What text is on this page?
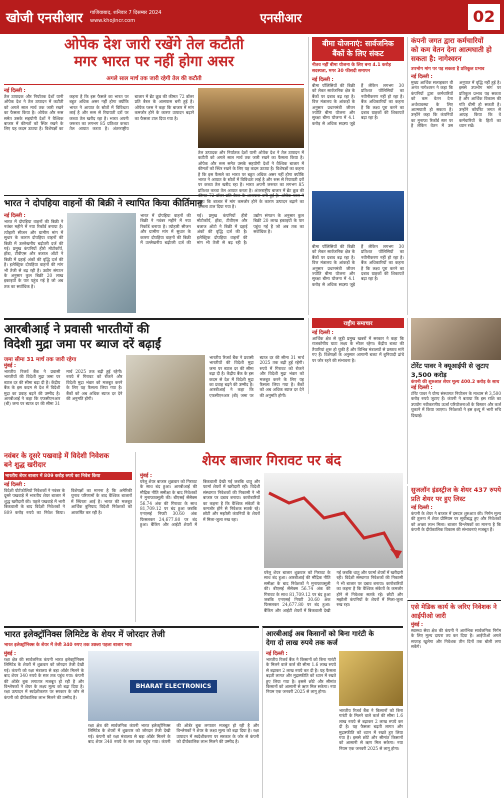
खोजी एनसीआर	गाजियाबाद, शनिवार 7 दिसम्बर 2024
www.khojincr.com	एनसीआर	02
ओपेक देश जारी रखेंगे तेल कटौती
मगर भारत पर नहीं होगा असर
अगले साल मार्च तक जारी रहेगी तेल की कटौती
नई दिल्ली :
तेल उत्पादक और निर्यातक देशों यानी ओपेक देश ने तेल उत्पादन में कटौती को अगले साल मार्च तक जारी रखने का फैसला किया है। ओपेक और रूस समेत उसके सहयोगी देशों ने वैश्विक बाजार में कीमतों को स्थिर रखने के लिए यह कदम उठाया है। विशेषज्ञों का कहना है कि इस फैसले का भारत पर बहुत अधिक असर नहीं होगा क्योंकि भारत ने आयात के स्रोतों में विविधता लाई है और रूस से रियायती दरों पर कच्चा तेल खरीद रहा है। भारत अपनी जरूरत का लगभग 85 प्रतिशत कच्चा तेल आयात करता है। अंतरराष्ट्रीय बाजार में ब्रेंट क्रूड की कीमत 72 डॉलर प्रति बैरल के आसपास बनी हुई है। ओपेक प्लस ने कहा कि बाजार में मांग कमजोर होने के कारण उत्पादन बढ़ाने का फैसला टाल दिया गया है।
तेल उत्पादक और निर्यातक देशों यानी ओपेक देश ने तेल उत्पादन में कटौती को अगले साल मार्च तक जारी रखने का फैसला किया है। ओपेक और रूस समेत उसके सहयोगी देशों ने वैश्विक बाजार में कीमतों को स्थिर रखने के लिए यह कदम उठाया है। विशेषज्ञों का कहना है कि इस फैसले का भारत पर बहुत अधिक असर नहीं होगा क्योंकि भारत ने आयात के स्रोतों में विविधता लाई है और रूस से रियायती दरों पर कच्चा तेल खरीद रहा है। भारत अपनी जरूरत का लगभग 85 प्रतिशत कच्चा तेल आयात करता है। अंतरराष्ट्रीय बाजार में ब्रेंट क्रूड की कीमत 72 डॉलर प्रति बैरल के आसपास बनी हुई है। ओपेक प्लस ने कहा कि बाजार में मांग कमजोर होने के कारण उत्पादन बढ़ाने का फैसला टाल दिया गया है।
भारत ने दोपहिया वाहनों की बिक्री ने स्थापित किया कीर्तिमान
नई दिल्ली :
भारत में दोपहिया वाहनों की बिक्री ने नवंबर महीने में नया रिकॉर्ड बनाया है। त्योहारी सीजन और ग्रामीण मांग में सुधार के कारण दोपहिया वाहनों की बिक्री में उल्लेखनीय बढ़ोतरी दर्ज की गई। प्रमुख कंपनियों हीरो मोटोकॉर्प, होंडा, टीवीएस और बजाज ऑटो ने बिक्री में दहाई अंकों की वृद्धि दर्ज की है। इलेक्ट्रिक दोपहिया वाहनों की मांग भी तेजी से बढ़ रही है। उद्योग संगठन के अनुसार कुल बिक्री 20 लाख इकाइयों के पार पहुंच गई है जो अब तक का सर्वाधिक है।
भारत में दोपहिया वाहनों की बिक्री ने नवंबर महीने में नया रिकॉर्ड बनाया है। त्योहारी सीजन और ग्रामीण मांग में सुधार के कारण दोपहिया वाहनों की बिक्री में उल्लेखनीय बढ़ोतरी दर्ज की गई। प्रमुख कंपनियों हीरो मोटोकॉर्प, होंडा, टीवीएस और बजाज ऑटो ने बिक्री में दहाई अंकों की वृद्धि दर्ज की है। इलेक्ट्रिक दोपहिया वाहनों की मांग भी तेजी से बढ़ रही है। उद्योग संगठन के अनुसार कुल बिक्री 20 लाख इकाइयों के पार पहुंच गई है जो अब तक का सर्वाधिक है।
बीमा योजनाएं: सार्वजनिक
बैंकों के लिए संकट
नीतव नहीं बीमा योजना के लिए बना 4.1 करोड़ सदस्यता, मगर 30 फीसदी समापन
नई दिल्ली :
बीमा पॉलिसियों की बिक्री को लेकर सार्वजनिक क्षेत्र के बैंकों पर दबाव बढ़ रहा है। वित्त मंत्रालय के आंकड़ों के अनुसार प्रधानमंत्री जीवन ज्योति बीमा योजना और सुरक्षा बीमा योजना में 4.1 करोड़ से अधिक सदस्य जुड़े हैं लेकिन लगभग 30 प्रतिशत पॉलिसियों का नवीनीकरण नहीं हो रहा है। बैंक अधिकारियों का कहना है कि लक्ष्य पूरा करने का दबाव ग्राहकों की शिकायतें बढ़ा रहा है।
बीमा पॉलिसियों की बिक्री को लेकर सार्वजनिक क्षेत्र के बैंकों पर दबाव बढ़ रहा है। वित्त मंत्रालय के आंकड़ों के अनुसार प्रधानमंत्री जीवन ज्योति बीमा योजना और सुरक्षा बीमा योजना में 4.1 करोड़ से अधिक सदस्य जुड़े हैं लेकिन लगभग 30 प्रतिशत पॉलिसियों का नवीनीकरण नहीं हो रहा है। बैंक अधिकारियों का कहना है कि लक्ष्य पूरा करने का दबाव ग्राहकों की शिकायतें बढ़ा रहा है।
कंपनी जगत द्वारा कर्मचारियों
को कम वेतन देना आत्मघाती हो
सकता है: नागेश्वरन
उपभोग मांग पर पड़ सकता है प्रतिकूल प्रभाव
नई दिल्ली :
मुख्य आर्थिक सलाहकार वी अनंत नागेश्वरन ने कहा कि कंपनियों द्वारा कर्मचारियों को कम वेतन देना अर्थव्यवस्था के लिए आत्मघाती हो सकता है। उन्होंने कहा कि कंपनियों का मुनाफा रिकॉर्ड स्तर पर है लेकिन वेतन में उस अनुपात में वृद्धि नहीं हुई है। इससे उपभोग मांग पर प्रतिकूल प्रभाव पड़ सकता है और आर्थिक विकास की गति धीमी हो सकती है। उन्होंने कॉर्पोरेट जगत से आग्रह किया कि वे कर्मचारियों के हितों का ध्यान रखें।
आरबीआई ने प्रवासी भारतीयों की
विदेशी मुद्रा जमा पर ब्याज दरें बढ़ाईं
जमा सीमा 31 मार्च तक जारी रहेगा
मुंबई :
भारतीय रिजर्व बैंक ने प्रवासी भारतीयों की विदेशी मुद्रा जमा पर ब्याज दर की सीमा बढ़ा दी है। केंद्रीय बैंक के इस कदम से देश में विदेशी मुद्रा का प्रवाह बढ़ने की उम्मीद है। आरबीआई ने कहा कि एफसीएनआर (बी) जमा पर ब्याज दर की सीमा 31 मार्च 2025 तक बढ़ी हुई रहेगी। रुपये में गिरावट को रोकने और विदेशी मुद्रा भंडार को मजबूत करने के लिए यह फैसला लिया गया है। बैंकों को अब अधिक ब्याज दर देने की अनुमति होगी।
भारतीय रिजर्व बैंक ने प्रवासी भारतीयों की विदेशी मुद्रा जमा पर ब्याज दर की सीमा बढ़ा दी है। केंद्रीय बैंक के इस कदम से देश में विदेशी मुद्रा का प्रवाह बढ़ने की उम्मीद है। आरबीआई ने कहा कि एफसीएनआर (बी) जमा पर ब्याज दर की सीमा 31 मार्च 2025 तक बढ़ी हुई रहेगी। रुपये में गिरावट को रोकने और विदेशी मुद्रा भंडार को मजबूत करने के लिए यह फैसला लिया गया है। बैंकों को अब अधिक ब्याज दर देने की अनुमति होगी।
राष्ट्रीय समाचार
नई दिल्ली :
आर्थिक क्षेत्र से जुड़ी प्रमुख खबरों में सरकार ने कहा कि राजकोषीय घाटा लक्ष्य के भीतर रहेगा। केंद्रीय बजट की तैयारियां शुरू हो चुकी हैं और विभिन्न मंत्रालयों से प्रस्ताव मांगे गए हैं। विशेषज्ञों के अनुसार आगामी बजट में बुनियादी ढांचे पर जोर रहने की संभावना है।
टोरेंट पावर ने क्यूआईपी से जुटाए 3,500 करोड़
कंपनी की शुरुआत शेयर मूल्य 400.2 करोड़ के साथ
नई दिल्ली :
टोरेंट पावर ने योग्य संस्थागत नियोजन के माध्यम से 3,500 करोड़ रुपये जुटाए हैं। कंपनी ने बताया कि इस राशि का उपयोग नवीकरणीय ऊर्जा परियोजनाओं के विस्तार और कर्ज चुकाने में किया जाएगा। निवेशकों ने इस इश्यू में भारी रुचि दिखाई।
शेयर बाजार गिरावट पर बंद
मुंबई :
घरेलू शेयर बाजार शुक्रवार को गिरावट के साथ बंद हुआ। आरबीआई की मौद्रिक नीति समीक्षा के बाद निवेशकों ने मुनाफावसूली की। बीएसई सेंसेक्स 56.74 अंक की गिरावट के साथ 81,709.12 पर बंद हुआ जबकि एनएसई निफ्टी 30.60 अंक फिसलकर 24,677.80 पर बंद हुआ। बैंकिंग और आईटी शेयरों में बिकवाली देखी गई जबकि धातु और फार्मा शेयरों में खरीदारी रही। विदेशी संस्थागत निवेशकों की निकासी ने भी बाजार पर दबाव बनाया। कारोबारियों का कहना है कि वैश्विक संकेतों के कमजोर होने से निवेशक सतर्क रहे। छोटी और मझोली कंपनियों के शेयरों में मिला-जुला रुख रहा।
घरेलू शेयर बाजार शुक्रवार को गिरावट के साथ बंद हुआ। आरबीआई की मौद्रिक नीति समीक्षा के बाद निवेशकों ने मुनाफावसूली की। बीएसई सेंसेक्स 56.74 अंक की गिरावट के साथ 81,709.12 पर बंद हुआ जबकि एनएसई निफ्टी 30.60 अंक फिसलकर 24,677.80 पर बंद हुआ। बैंकिंग और आईटी शेयरों में बिकवाली देखी गई जबकि धातु और फार्मा शेयरों में खरीदारी रही। विदेशी संस्थागत निवेशकों की निकासी ने भी बाजार पर दबाव बनाया। कारोबारियों का कहना है कि वैश्विक संकेतों के कमजोर होने से निवेशक सतर्क रहे। छोटी और मझोली कंपनियों के शेयरों में मिला-जुला रुख रहा।
सुजलॉन इंडस्ट्रीज के शेयर 437 रुपये प्रति शेयर पर हुए लिस्ट
नई दिल्ली :
कंपनी के शेयर ने बाजार में दमदार शुरुआत की। निर्गम मूल्य की तुलना में शेयर प्रीमियम पर सूचीबद्ध हुए और निवेशकों को अच्छा लाभ मिला। बाजार विश्लेषकों का मानना है कि कंपनी के दीर्घकालिक विकास की संभावनाएं मजबूत हैं।
नवंबर के दूसरे पखवाड़े में विदेशी निवेशक
बने शुद्ध खरीदार
भारतीय शेयर बाजार में 809 करोड़ रुपये का निवेश किया
नई दिल्ली :
विदेशी पोर्टफोलियो निवेशकों ने नवंबर के दूसरे पखवाड़े में भारतीय शेयर बाजार में शुद्ध खरीदारी की। पहले पखवाड़े में भारी बिकवाली के बाद विदेशी निवेशकों ने 809 करोड़ रुपये का निवेश किया। विशेषज्ञों का मानना है कि अमेरिकी चुनाव परिणामों के बाद वैश्विक बाजारों में स्थिरता आई है। भारत की मजबूत आर्थिक बुनियाद विदेशी निवेशकों को आकर्षित कर रही है।
एसे मेडिक कार्य के जरिए निवेशक ने
आईपीओ जारी
मुंबई :
स्वास्थ्य सेवा क्षेत्र की कंपनी ने आरंभिक सार्वजनिक निर्गम के लिए मूल्य दायरा तय कर दिया है। आईपीओ अगले सप्ताह खुलेगा और निवेशक तीन दिनों तक बोली लगा सकेंगे।
भारत इलेक्ट्रॉनिक्स लिमिटेड के शेयर में जोरदार तेजी
भारत इलेक्ट्रॉनिक्स के शेयर में तेजी 340 रुपए तक उछला पहला बाजार भाव
मुंबई :
रक्षा क्षेत्र की सार्वजनिक कंपनी भारत इलेक्ट्रॉनिक्स लिमिटेड के शेयरों में शुक्रवार को जोरदार तेजी देखी गई। कंपनी को रक्षा मंत्रालय से बड़ा ऑर्डर मिलने के बाद शेयर 340 रुपये के स्तर तक पहुंच गया। कंपनी की ऑर्डर बुक लगातार मजबूत हो रही है और विश्लेषकों ने शेयर के लक्ष्य मूल्य को बढ़ा दिया है। रक्षा उत्पादन में स्वदेशीकरण पर सरकार के जोर से कंपनी को दीर्घकालिक लाभ मिलने की उम्मीद है।
BHARAT ELECTRONICS
रक्षा क्षेत्र की सार्वजनिक कंपनी भारत इलेक्ट्रॉनिक्स लिमिटेड के शेयरों में शुक्रवार को जोरदार तेजी देखी गई। कंपनी को रक्षा मंत्रालय से बड़ा ऑर्डर मिलने के बाद शेयर 340 रुपये के स्तर तक पहुंच गया। कंपनी की ऑर्डर बुक लगातार मजबूत हो रही है और विश्लेषकों ने शेयर के लक्ष्य मूल्य को बढ़ा दिया है। रक्षा उत्पादन में स्वदेशीकरण पर सरकार के जोर से कंपनी को दीर्घकालिक लाभ मिलने की उम्मीद है।
आरबीआई अब किसानों को बिना गारंटी के
देगा दो लाख रुपये तक कर्ज
नई दिल्ली :
भारतीय रिजर्व बैंक ने किसानों को बिना गारंटी के मिलने वाले कर्ज की सीमा 1.6 लाख रुपये से बढ़ाकर 2 लाख रुपये कर दी है। यह फैसला बढ़ती लागत और मुद्रास्फीति को ध्यान में रखते हुए लिया गया है। इससे छोटे और सीमांत किसानों को आसानी से ऋण मिल सकेगा। नया नियम एक जनवरी 2025 से लागू होगा।
भारतीय रिजर्व बैंक ने किसानों को बिना गारंटी के मिलने वाले कर्ज की सीमा 1.6 लाख रुपये से बढ़ाकर 2 लाख रुपये कर दी है। यह फैसला बढ़ती लागत और मुद्रास्फीति को ध्यान में रखते हुए लिया गया है। इससे छोटे और सीमांत किसानों को आसानी से ऋण मिल सकेगा। नया नियम एक जनवरी 2025 से लागू होगा।
